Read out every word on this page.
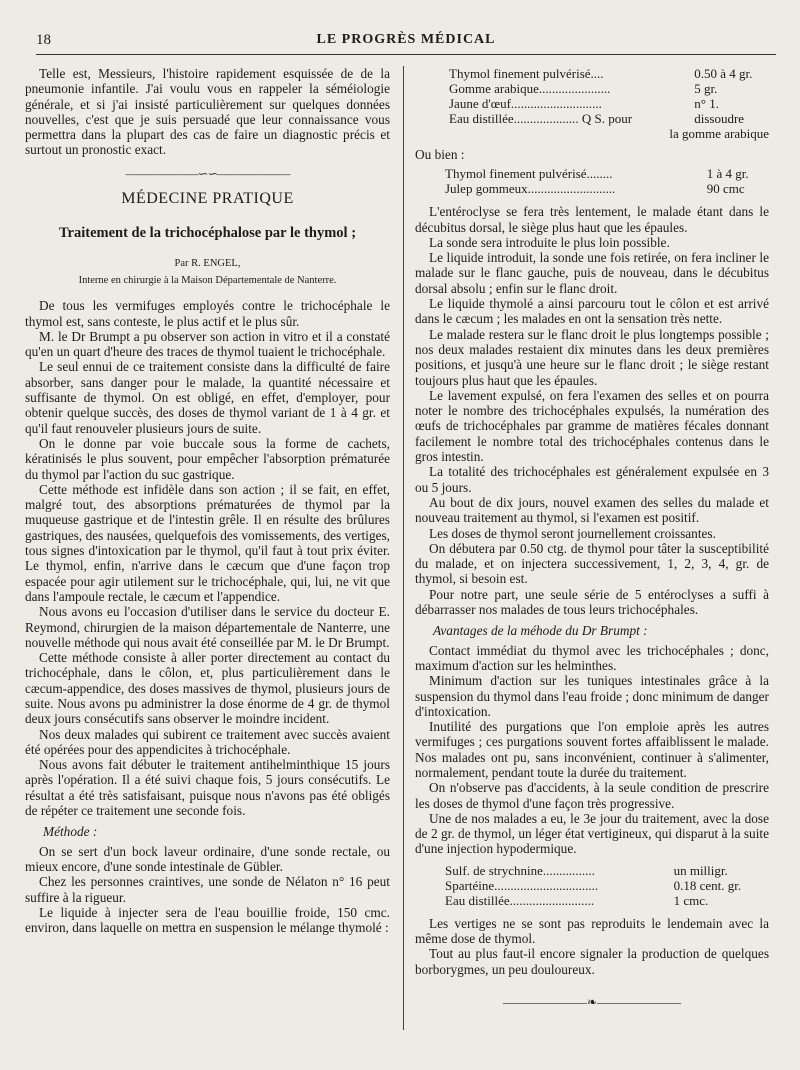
18	LE PROGRÈS MÉDICAL

Telle est, Messieurs, l'histoire rapidement esquissée de de la pneumonie infantile. J'ai voulu vous en rappeler la séméiologie générale, et si j'ai insisté particulièrement sur quelques données nouvelles, c'est que je suis persuadé que leur connaissance vous permettra dans la plupart des cas de faire un diagnostic précis et surtout un pronostic exact.

——————∽∽——————
MÉDECINE PRATIQUE
Traitement de la trichocéphalose par le thymol ;
Par R. ENGEL,
Interne en chirurgie à la Maison Départementale de Nanterre.

De tous les vermifuges employés contre le trichocéphale le thymol est, sans conteste, le plus actif et le plus sûr.

M. le Dr Brumpt a pu observer son action in vitro et il a constaté qu'en un quart d'heure des traces de thymol tuaient le trichocéphale.

Le seul ennui de ce traitement consiste dans la difficulté de faire absorber, sans danger pour le malade, la quantité nécessaire et suffisante de thymol. On est obligé, en effet, d'employer, pour obtenir quelque succès, des doses de thymol variant de 1 à 4 gr. et qu'il faut renouveler plusieurs jours de suite.

On le donne par voie buccale sous la forme de cachets, kératinisés le plus souvent, pour empêcher l'absorption prématurée du thymol par l'action du suc gastrique.

Cette méthode est infidèle dans son action ; il se fait, en effet, malgré tout, des absorptions prématurées de thymol par la muqueuse gastrique et de l'intestin grêle. Il en résulte des brûlures gastriques, des nausées, quelquefois des vomissements, des vertiges, tous signes d'intoxication par le thymol, qu'il faut à tout prix éviter. Le thymol, enfin, n'arrive dans le cæcum que d'une façon trop espacée pour agir utilement sur le trichocéphale, qui, lui, ne vit que dans l'ampoule rectale, le cæcum et l'appendice.

Nous avons eu l'occasion d'utiliser dans le service du docteur E. Reymond, chirurgien de la maison départementale de Nanterre, une nouvelle méthode qui nous avait été conseillée par M. le Dr Brumpt.

Cette méthode consiste à aller porter directement au contact du trichocéphale, dans le côlon, et, plus particulièrement dans le cæcum-appendice, des doses massives de thymol, plusieurs jours de suite. Nous avons pu administrer la dose énorme de 4 gr. de thymol deux jours consécutifs sans observer le moindre incident.

Nos deux malades qui subirent ce traitement avec succès avaient été opérées pour des appendicites à trichocéphale.

Nous avons fait débuter le traitement antihelminthique 15 jours après l'opération. Il a été suivi chaque fois, 5 jours consécutifs. Le résultat a été très satisfaisant, puisque nous n'avons pas été obligés de répéter ce traitement une seconde fois.

Méthode :

On se sert d'un bock laveur ordinaire, d'une sonde rectale, ou mieux encore, d'une sonde intestinale de Gübler.

Chez les personnes craintives, une sonde de Nélaton n° 16 peut suffire à la rigueur.

Le liquide à injecter sera de l'eau bouillie froide, 150 cmc. environ, dans laquelle on mettra en suspension le mélange thymolé :

Thymol finement pulvérisé....	0.50 à 4 gr.
Gomme arabique......................	5 gr.
Jaune d'œuf............................	n° 1.
Eau distillée.................... Q S. pour	dissoudre
la gomme arabique	

Ou bien :

Thymol finement pulvérisé........	1 à 4 gr.
Julep gommeux...........................	90 cmc

L'entéroclyse se fera très lentement, le malade étant dans le décubitus dorsal, le siège plus haut que les épaules.

La sonde sera introduite le plus loin possible.

Le liquide introduit, la sonde une fois retirée, on fera incliner le malade sur le flanc gauche, puis de nouveau, dans le décubitus dorsal absolu ; enfin sur le flanc droit.

Le liquide thymolé a ainsi parcouru tout le côlon et est arrivé dans le cæcum ; les malades en ont la sensation très nette.

Le malade restera sur le flanc droit le plus longtemps possible ; nos deux malades restaient dix minutes dans les deux premières positions, et jusqu'à une heure sur le flanc droit ; le siège restant toujours plus haut que les épaules.

Le lavement expulsé, on fera l'examen des selles et on pourra noter le nombre des trichocéphales expulsés, la numération des œufs de trichocéphales par gramme de matières fécales donnant facilement le nombre total des trichocéphales contenus dans le gros intestin.

La totalité des trichocéphales est généralement expulsée en 3 ou 5 jours.

Au bout de dix jours, nouvel examen des selles du malade et nouveau traitement au thymol, si l'examen est positif.

Les doses de thymol seront journellement croissantes.

On débutera par 0.50 ctg. de thymol pour tâter la susceptibilité du malade, et on injectera successivement, 1, 2, 3, 4, gr. de thymol, si besoin est.

Pour notre part, une seule série de 5 entéroclyses a suffi à débarrasser nos malades de tous leurs trichocéphales.

Avantages de la méhode du Dr Brumpt :

Contact immédiat du thymol avec les trichocéphales ; donc, maximum d'action sur les helminthes.

Minimum d'action sur les tuniques intestinales grâce à la suspension du thymol dans l'eau froide ; donc minimum de danger d'intoxication.

Inutilité des purgations que l'on emploie après les autres vermifuges ; ces purgations souvent fortes affaiblissent le malade. Nos malades ont pu, sans inconvénient, continuer à s'alimenter, normalement, pendant toute la durée du traitement.

On n'observe pas d'accidents, à la seule condition de prescrire les doses de thymol d'une façon très progressive.

Une de nos malades a eu, le 3e jour du traitement, avec la dose de 2 gr. de thymol, un léger état vertigineux, qui disparut à la suite d'une injection hypodermique.

Sulf. de strychnine................	un milligr.
Spartéine................................	0.18 cent. gr.
Eau distillée..........................	1 cmc.

Les vertiges ne se sont pas reproduits le lendemain avec la même dose de thymol.

Tout au plus faut-il encore signaler la production de quelques borborygmes, un peu douloureux.

———————❧———————
